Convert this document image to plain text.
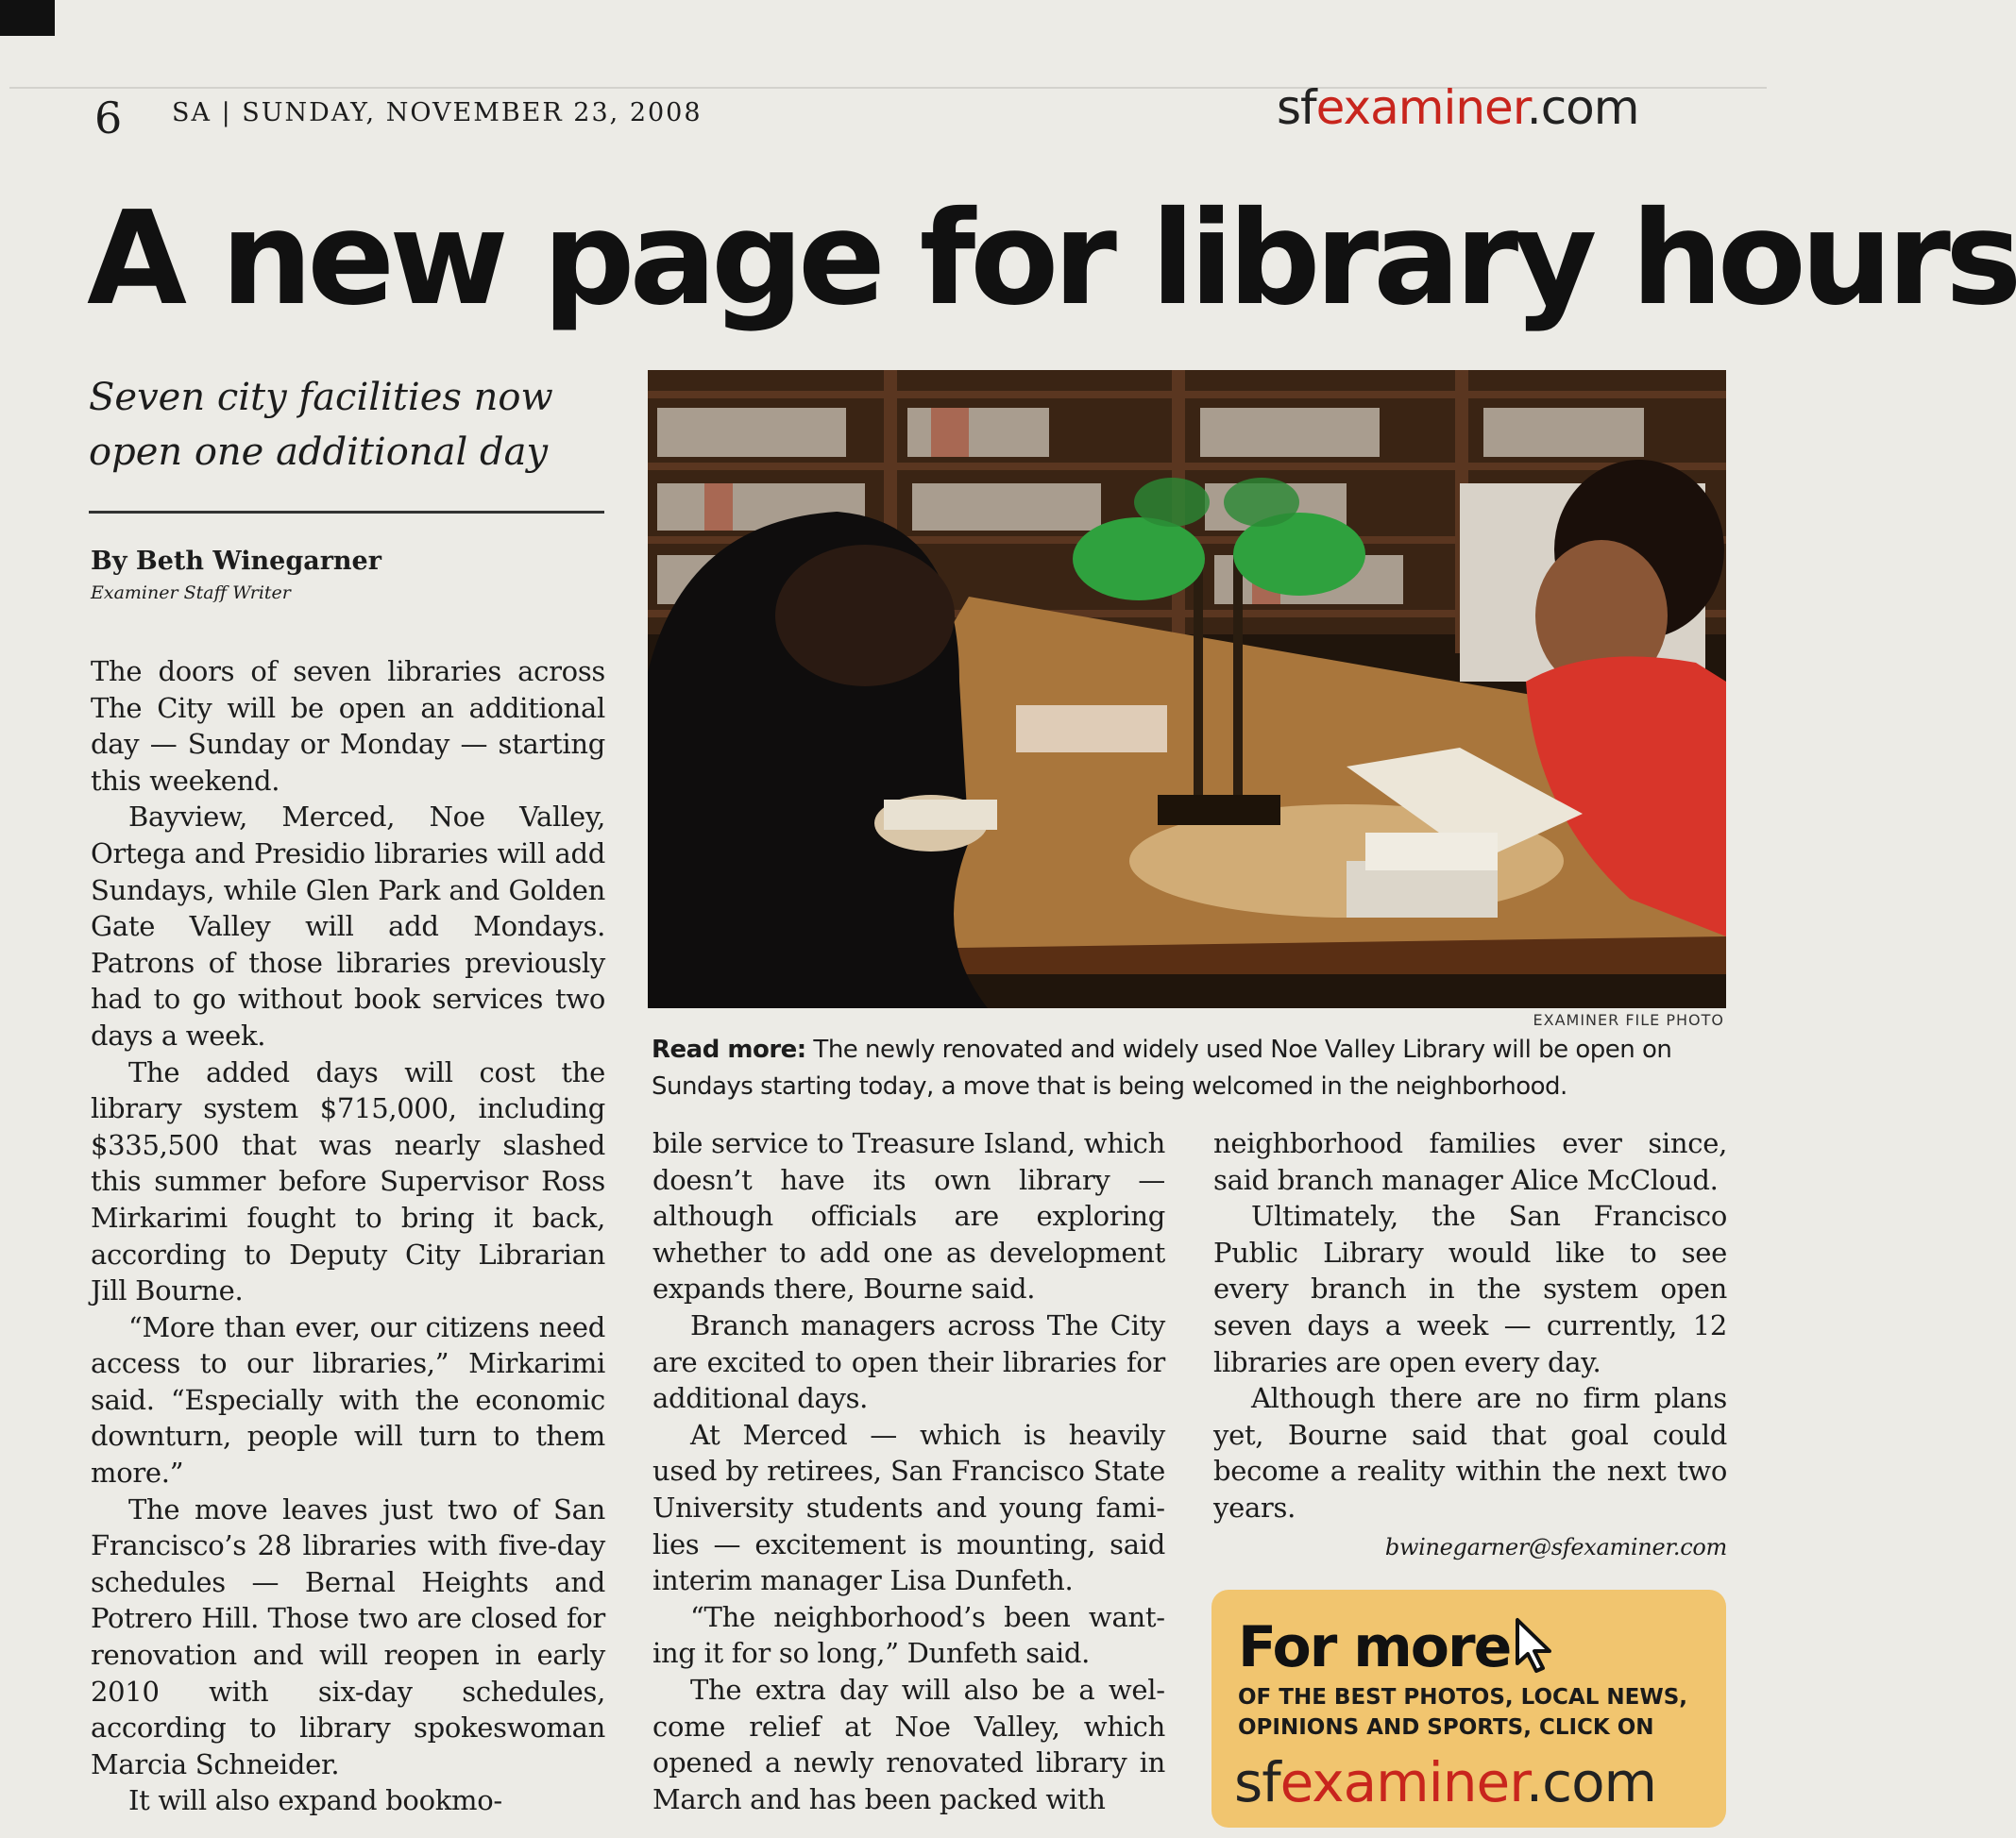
6 SA | SUNDAY, NOVEMBER 23, 2008	sfexaminer.com
A new page for library hours
Seven city facilities now
open one additional day
By Beth Winegarner
Examiner Staff Writer

The doors of seven libraries across The City will be open an additional day — Sunday or Monday — starting this weekend.

Bayview, Merced, Noe Valley, Ortega and Presidio libraries will add Sundays, while Glen Park and Golden Gate Valley will add Mondays. Patrons of those libraries previously had to go without book services two days a week.

The added days will cost the library system $715,000, including $335,500 that was nearly slashed this summer before Supervisor Ross Mirkarimi fought to bring it back, according to Deputy City Librarian Jill Bourne.

“More than ever, our citizens need access to our libraries,” Mirkarimi said. “Especially with the economic downturn, people will turn to them more.”

The move leaves just two of San Francisco’s 28 libraries with five-day schedules — Bernal Heights and Potrero Hill. Those two are closed for renovation and will reopen in early 2010 with six-day schedules, according to library spokeswoman Marcia Schneider.

It will also expand bookmo-

EXAMINER FILE PHOTO
Read more: The newly renovated and widely used Noe Valley Library will be open on Sundays starting today, a move that is being welcomed in the neighborhood.

bile service to Treasure Island, which doesn’t have its own library — although officials are exploring whether to add one as development expands there, Bourne said.

Branch managers across The City are excited to open their libraries for additional days.

At Merced — which is heavily used by retirees, San Francisco State University students and young families — excitement is mounting, said interim manager Lisa Dunfeth.

“The neighborhood’s been wanting it for so long,” Dunfeth said.

The extra day will also be a welcome relief at Noe Valley, which opened a newly renovated library in March and has been packed with

neighborhood families ever since, said branch manager Alice McCloud.

Ultimately, the San Francisco Public Library would like to see every branch in the system open seven days a week — currently, 12 libraries are open every day.

Although there are no firm plans yet, Bourne said that goal could become a reality within the next two years.

bwinegarner@sfexaminer.com
For more
OF THE BEST PHOTOS, LOCAL NEWS, OPINIONS AND SPORTS, CLICK ON
sfexaminer.com
